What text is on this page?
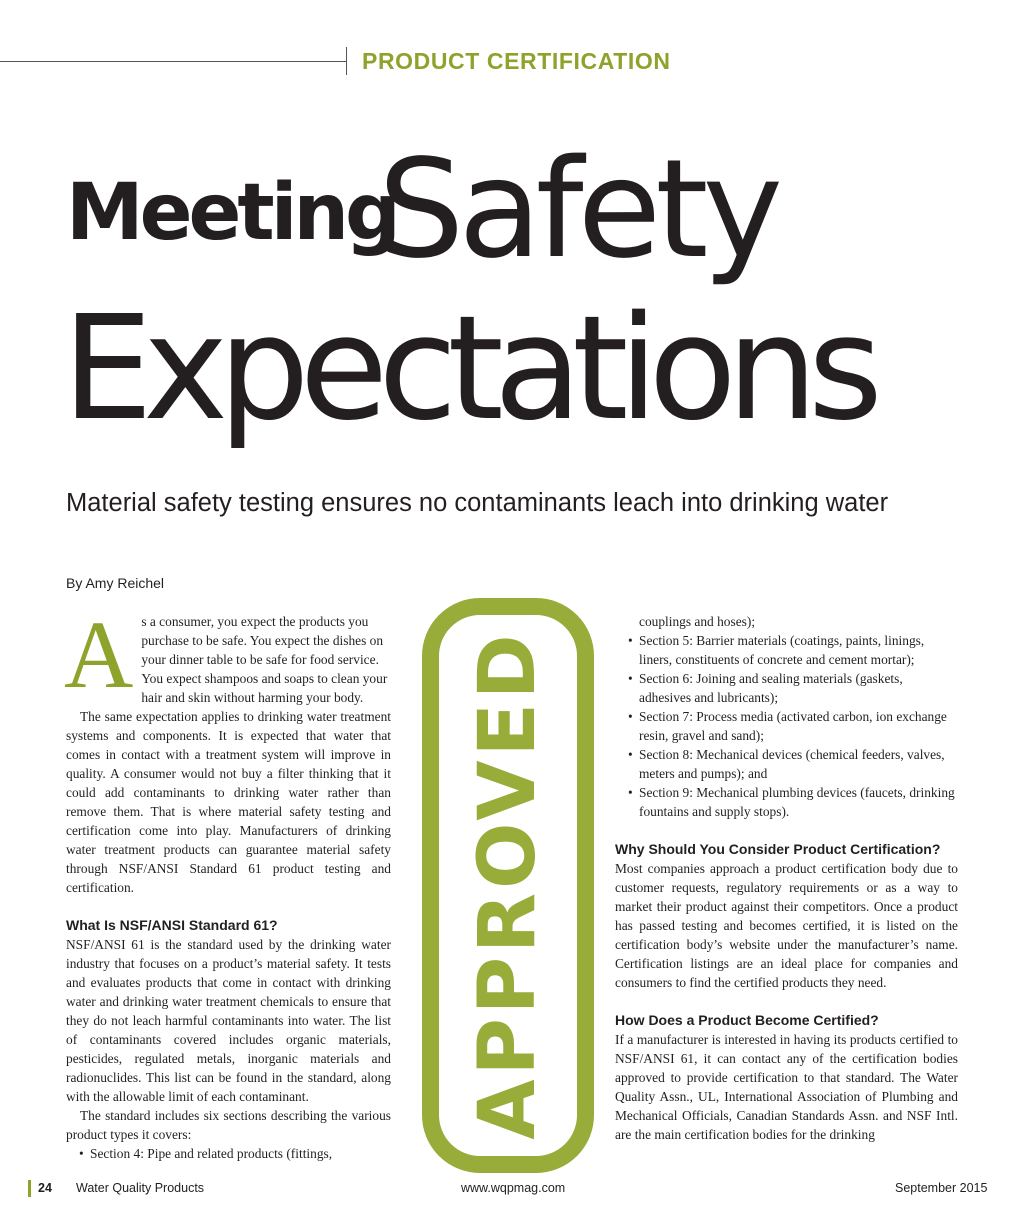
PRODUCT CERTIFICATION
Meeting
Safety
Expectations
Material safety testing ensures no contaminants leach into drinking water
By Amy Reichel
A s a consumer, you expect the products you
purchase to be safe. You expect the dishes on
your dinner table to be safe for food service.
You expect shampoos and soaps to clean your
hair and skin without harming your body.

The same expectation applies to drinking water treatment systems and components. It is expected that water that comes in contact with a treatment system will improve in quality. A consumer would not buy a filter thinking that it could add contaminants to drinking water rather than remove them. That is where material safety testing and certification come into play. Manufacturers of drinking water treatment products can guarantee material safety through NSF/ANSI Standard 61 product testing and certification.

What Is NSF/ANSI Standard 61?

NSF/ANSI 61 is the standard used by the drinking water industry that focuses on a product’s material safety. It tests and evaluates products that come in contact with drinking water and drinking water treatment chemicals to ensure that they do not leach harmful contaminants into water. The list of contaminants covered includes organic materials, pesticides, regulated metals, inorganic materials and radionuclides. This list can be found in the standard, along with the allowable limit of each contaminant.

The standard includes six sections describing the various product types it covers:

• Section 4: Pipe and related products (fittings,
APPROVED
couplings and hoses);
• Section 5: Barrier materials (coatings, paints, linings, liners, constituents of concrete and cement mortar);
• Section 6: Joining and sealing materials (gaskets, adhesives and lubricants);
• Section 7: Process media (activated carbon, ion exchange resin, gravel and sand);
• Section 8: Mechanical devices (chemical feeders, valves, meters and pumps); and
• Section 9: Mechanical plumbing devices (faucets, drinking fountains and supply stops).
Why Should You Consider Product Certification?

Most companies approach a product certification body due to customer requests, regulatory requirements or as a way to market their product against their competitors. Once a product has passed testing and becomes certified, it is listed on the certification body’s website under the manufacturer’s name. Certification listings are an ideal place for companies and consumers to find the certified products they need.

How Does a Product Become Certified?

If a manufacturer is interested in having its products certified to NSF/ANSI 61, it can contact any of the certification bodies approved to provide certification to that standard. The Water Quality Assn., UL, International Association of Plumbing and Mechanical Officials, Canadian Standards Assn. and NSF Intl. are the main certification bodies for the drinking

24 Water Quality Products	www.wqpmag.com	September 2015
